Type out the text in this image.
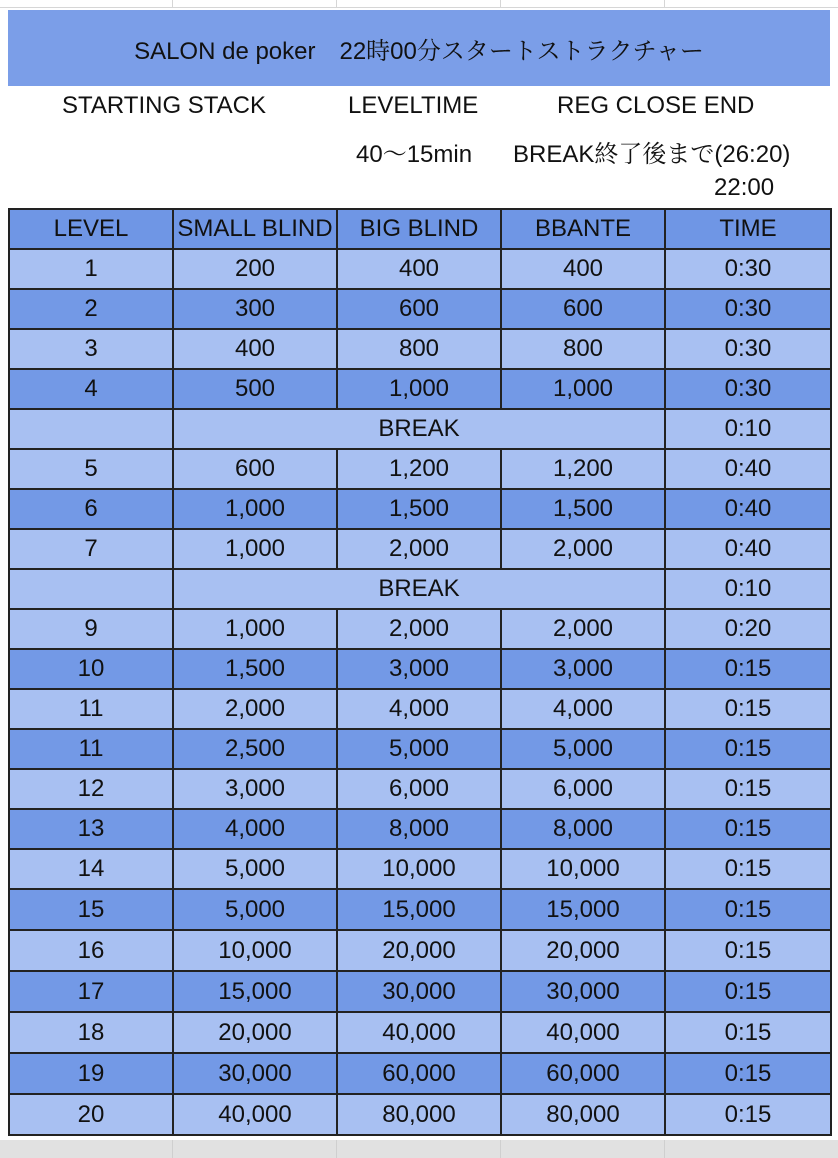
SALON de poker　22時00分スタートストラクチャー
STARTING STACK	LEVELTIME	REG CLOSE END
40〜15min BREAK終了後まで(26:20)
22:00
LEVEL	SMALL BLIND	BIG BLIND	BBANTE	TIME
1	200	400	400	0:30
2	300	600	600	0:30
3	400	800	800	0:30
4	500	1,000	1,000	0:30
	BREAK			0:10
5	600	1,200	1,200	0:40
6	1,000	1,500	1,500	0:40
7	1,000	2,000	2,000	0:40
	BREAK			0:10
9	1,000	2,000	2,000	0:20
10	1,500	3,000	3,000	0:15
11	2,000	4,000	4,000	0:15
11	2,500	5,000	5,000	0:15
12	3,000	6,000	6,000	0:15
13	4,000	8,000	8,000	0:15
14	5,000	10,000	10,000	0:15
15	5,000	15,000	15,000	0:15
16	10,000	20,000	20,000	0:15
17	15,000	30,000	30,000	0:15
18	20,000	40,000	40,000	0:15
19	30,000	60,000	60,000	0:15
20	40,000	80,000	80,000	0:15
